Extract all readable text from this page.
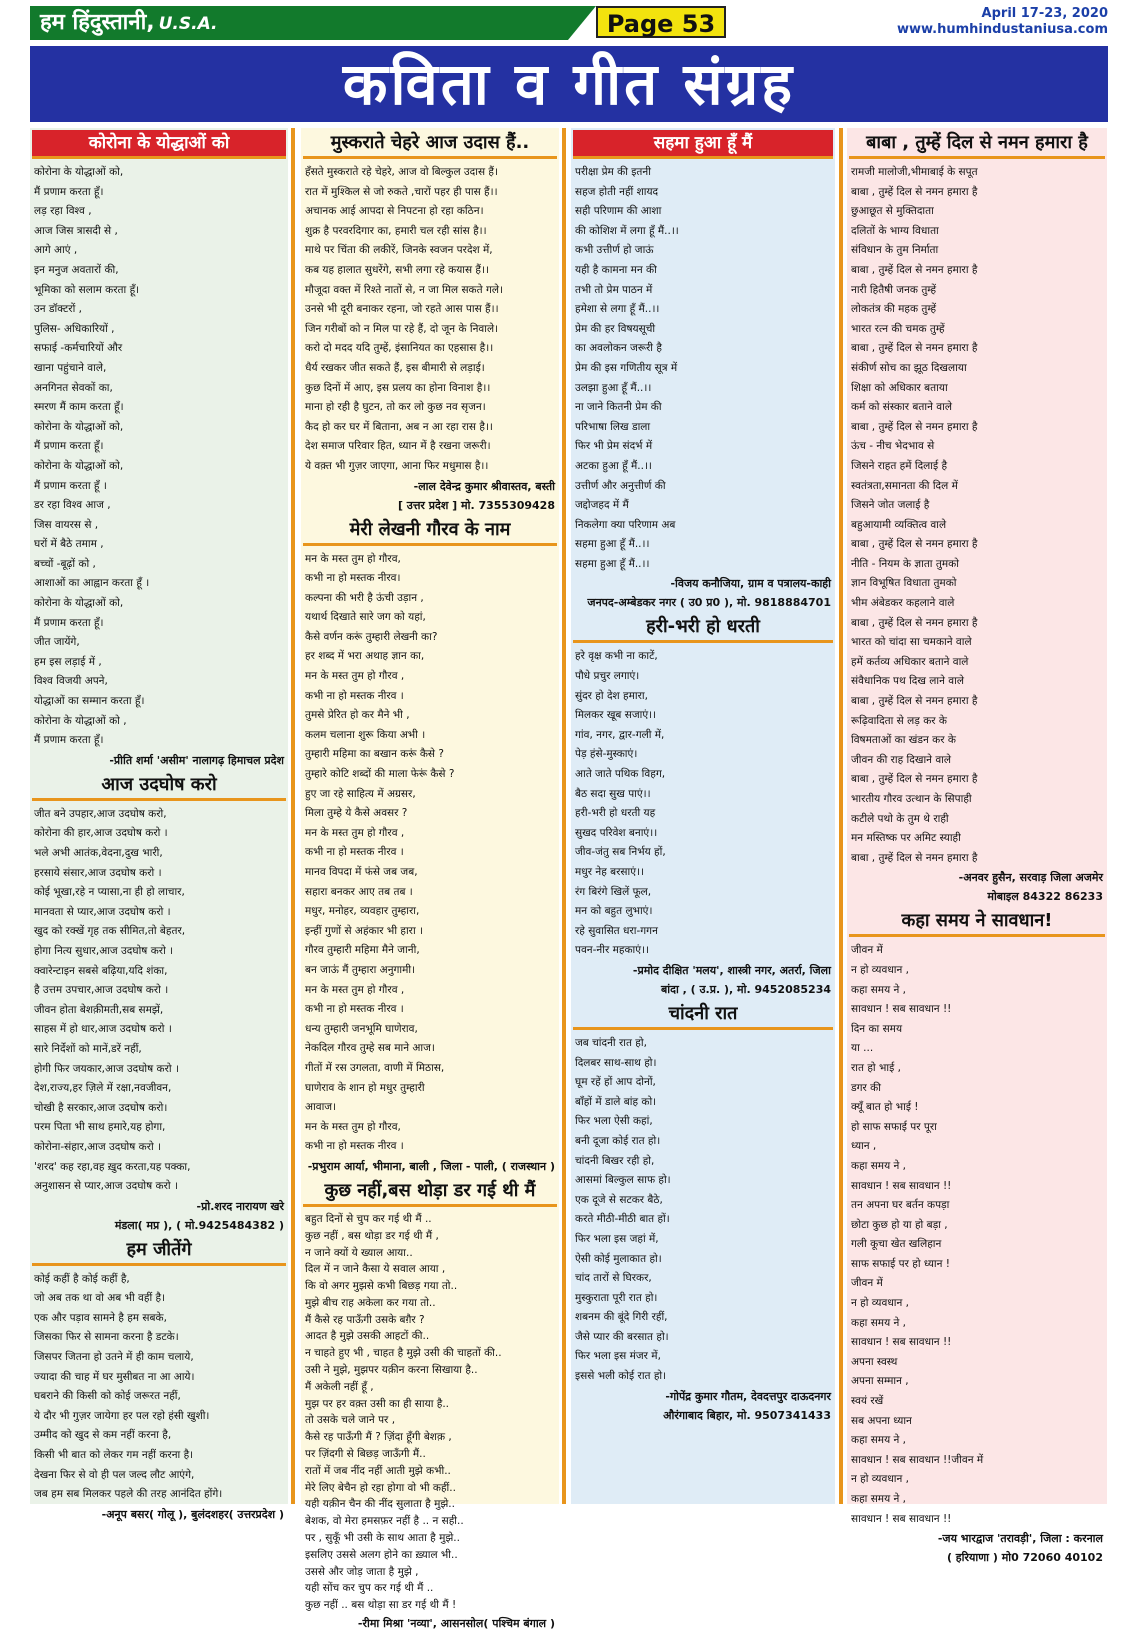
हम हिंदुस्तानी, U.S.A.	Page 53	April 17-23, 2020
www.humhindustaniusa.com
कविता व गीत संग्रह
कोरोना के योद्धाओं को
कोरोना के योद्धाओं को,
मैं प्रणाम करता हूँ।
लड़ रहा विश्व ,
आज जिस त्रासदी से ,
आगे आएं ,
इन मनुज अवतारों की,
भूमिका को सलाम करता हूँ।
उन डॉक्टरों ,
पुलिस- अधिकारियों ,
सफाई -कर्मचारियों और
खाना पहुंचाने वाले,
अनगिनत सेवकों का,
स्मरण मैं काम करता हूँ।
कोरोना के योद्धाओं को,
मैं प्रणाम करता हूँ।
कोरोना के योद्धाओं को,
मैं प्रणाम करता हूँ ।
डर रहा विश्व आज ,
जिस वायरस से ,
घरों में बैठे तमाम ,
बच्चों -बूढ़ों को ,
आशाओं का आह्वान करता हूँ ।
कोरोना के योद्धाओं को,
मैं प्रणाम करता हूँ।
जीत जायेंगे,
हम इस लड़ाई में ,
विश्व विजयी अपने,
योद्धाओं का सम्मान करता हूँ।
कोरोना के योद्धाओं को ,
मैं प्रणाम करता हूँ।
-प्रीति शर्मा 'असीम' नालागढ़ हिमाचल प्रदेश
आज उदघोष करो
जीत बने उपहार,आज उदघोष करो,
कोरोना की हार,आज उदघोष करो ।
भले अभी आतंक,वेदना,दुख भारी,
हरसाये संसार,आज उदघोष करो ।
कोई भूखा,रहे न प्यासा,ना ही हो लाचार,
मानवता से प्यार,आज उदघोष करो ।
खुद को रक्खें गृह तक सीमित,तो बेहतर,
होगा नित्य सुधार,आज उदघोष करो ।
क्वारेन्टाइन सबसे बढ़िया,यदि शंका,
है उत्तम उपचार,आज उदघोष करो ।
जीवन होता बेशक़ीमती,सब समझें,
साहस में हो धार,आज उदघोष करो ।
सारे निर्देशों को मानें,डरें नहीं,
होगी फिर जयकार,आज उदघोष करो ।
देश,राज्य,हर ज़िले में रक्षा,नवजीवन,
चोखी है सरकार,आज उदघोष करो।
परम पिता भी साथ हमारे,यह होगा,
कोरोना-संहार,आज उदघोष करो ।
'शरद' कह रहा,वह ख़ुद करता,यह पक्का,
अनुशासन से प्यार,आज उदघोष करो ।
-प्रो.शरद नारायण खरे
मंडला( मप्र ), ( मो.9425484382 )
हम जीतेंगे
कोई कहीं है कोई कहीं है,
जो अब तक था वो अब भी वहीं है।
एक और पड़ाव सामने है हम सबके,
जिसका फिर से सामना करना है डटके।
जिसपर जितना हो उतने में ही काम चलाये,
ज्यादा की चाह में घर मुसीबत ना आ आये।
घबराने की किसी को कोई जरूरत नहीं,
ये दौर भी गुज़र जायेगा हर पल रहो हंसी खुशी।
उम्मीद को खुद से कम नहीं करना है,
किसी भी बात को लेकर गम नहीं करना है।
देखना फिर से वो ही पल जल्द लौट आएंगे,
जब हम सब मिलकर पहले की तरह आनंदित होंगे।
-अनूप बसर( गोलू ), बुलंदशहर( उत्तरप्रदेश )
मुस्कराते चेहरे आज उदास हैं..
हँसते मुस्कराते रहे चेहरे, आज वो बिल्कुल उदास हैं।
रात में मुश्किल से जो रुकते ,चारों पहर ही पास हैं।।
अचानक आई आपदा से निपटना हो रहा कठिन।
शुक्र है परवरदिगार का, हमारी चल रही सांस है।।
माथे पर चिंता की लकीरें, जिनके स्वजन परदेश में,
कब यह हालात सुधरेंगे, सभी लगा रहे कयास हैं।।
मौजूदा वक्त में रिश्ते नातों से, न जा मिल सकते गले।
उनसे भी दूरी बनाकर रहना, जो रहते आस पास हैं।।
जिन गरीबों को न मिल पा रहे हैं, दो जून के निवाले।
करो दो मदद यदि तुम्हें, इंसानियत का एहसास है।।
धैर्य रखकर जीत सकते हैं, इस बीमारी से लड़ाई।
कुछ दिनों में आए, इस प्रलय का होना विनाश है।।
माना हो रही है घुटन, तो कर लो कुछ नव सृजन।
कैद हो कर घर में बिताना, अब न आ रहा रास है।।
देश समाज परिवार हित, ध्यान में है रखना जरूरी।
ये वक़्त भी गुज़र जाएगा, आना फिर मधुमास है।।
-लाल देवेन्द्र कुमार श्रीवास्तव, बस्ती
[ उत्तर प्रदेश ] मो. 7355309428
मेरी लेखनी गौरव के नाम
मन के मस्त तुम हो गौरव,
कभी ना हो मस्तक नीरव।
कल्पना की भरी है ऊंची उड़ान ,
यथार्थ दिखाते सारे जग को यहां,
कैसे वर्णन करूं तुम्हारी लेखनी का?
हर शब्द में भरा अथाह ज्ञान का,
मन के मस्त तुम हो गौरव ,
कभी ना हो मस्तक नीरव ।
तुमसे प्रेरित हो कर मैने भी ,
कलम चलाना शुरू किया अभी ।
तुम्हारी महिमा का बखान करूं कैसे ?
तुम्हारे कोटि शब्दों की माला फेरूं कैसे ?
हुए जा रहे साहित्य में अग्रसर,
मिला तुम्हे ये कैसे अवसर ?
मन के मस्त तुम हो गौरव ,
कभी ना हो मस्तक नीरव ।
मानव विपदा में फंसे जब जब,
सहारा बनकर आए तब तब ।
मधुर, मनोहर, व्यवहार तुम्हारा,
इन्हीं गुणों से अहंकार भी हारा ।
गौरव तुम्हारी महिमा मैने जानी,
बन जाऊं मैं तुम्हारा अनुगामी।
मन के मस्त तुम हो गौरव ,
कभी ना हो मस्तक नीरव ।
धन्य तुम्हारी जनभूमि घाणेराव,
नेकदिल गौरव तुम्हे सब माने आज।
गीतों में रस उगलता, वाणी में मिठास,
घाणेराव के शान हो मधुर तुम्हारी
आवाज।
मन के मस्त तुम हो गौरव,
कभी ना हो मस्तक नीरव ।
-प्रभुराम आर्या, भीमाना, बाली , जिला - पाली, ( राजस्थान )
कुछ नहीं,बस थोड़ा डर गई थी मैं
बहुत दिनों से चुप कर गई थी मैं ..
कुछ नहीं , बस थोड़ा डर गई थी मैं ,
न जाने क्यों ये ख्याल आया..
दिल में न जाने कैसा ये सवाल आया ,
कि वो अगर मुझसे कभी बिछड़ गया तो..
मुझे बीच राह अकेला कर गया तो..
मैं कैसे रह पाऊँगी उसके बग़ैर ?
आदत है मुझे उसकी आहटों की..
न चाहते हुए भी , चाहत है मुझे उसी की चाहतों की..
उसी ने मुझे, मुझपर यक़ीन करना सिखाया है..
मैं अकेली नहीं हूँ ,
मुझ पर हर वक़्त उसी का ही साया है..
तो उसके चले जाने पर ,
कैसे रह पाऊँगी मैं ? ज़िंदा हूँगी बेशक़ ,
पर ज़िंदगी से बिछड़ जाऊँगी मैं..
रातों में जब नींद नहीं आती मुझे कभी..
मेरे लिए बेचैन हो रहा होगा वो भी कहीं..
यही यक़ीन चैन की नींद सुलाता है मुझे..
बेशक, वो मेरा हमसफ़र नहीं है .. न सही..
पर , सुकूँ भी उसी के साथ आता है मुझे..
इसलिए उससे अलग होने का ख़्याल भी..
उससे और जोड़ जाता है मुझे ,
यही सोंच कर चुप कर गई थी मैं ..
कुछ नहीं .. बस थोड़ा सा डर गई थी मैं !
-रीमा मिश्रा 'नव्या', आसनसोल( पश्चिम बंगाल )
सहमा हुआ हूँ मैं
परीक्षा प्रेम की इतनी
सहज होती नहीं शायद
सही परिणाम की आशा
की कोशिश में लगा हूँ मैं..।।
कभी उत्तीर्ण हो जाऊं
यही है कामना मन की
तभी तो प्रेम पाठन में
हमेशा से लगा हूँ मैं..।।
प्रेम की हर विषयसूची
का अवलोकन जरूरी है
प्रेम की इस गणितीय सूत्र में
उलझा हुआ हूँ मैं..।।
ना जाने कितनी प्रेम की
परिभाषा लिख डाला
फिर भी प्रेम संदर्भ में
अटका हुआ हूँ मैं..।।
उत्तीर्ण और अनुत्तीर्ण की
जद्दोजहद में मैं
निकलेगा क्या परिणाम अब
सहमा हुआ हूँ मैं..।।
सहमा हुआ हूँ मैं..।।
-विजय कनौजिया, ग्राम व पत्रालय-काही
जनपद-अम्बेडकर नगर ( उ0 प्र0 ), मो. 9818884701
हरी-भरी हो धरती
हरे वृक्ष कभी ना काटें,
पौधे प्रचुर लगाएं।
सुंदर हो देश हमारा,
मिलकर खूब सजाएं।।
गांव, नगर, द्वार-गली में,
पेड़ हंसे-मुस्काएं।
आते जाते पथिक विहग,
बैठ सदा सुख पाएं।।
हरी-भरी हो धरती यह
सुखद परिवेश बनाएं।।
जीव-जंतु सब निर्भय हों,
मधुर नेह बरसाएं।।
रंग बिरंगे खिलें फूल,
मन को बहुत लुभाएं।
रहे सुवासित धरा-गगन
पवन-नीर महकाएं।।
-प्रमोद दीक्षित 'मलय', शास्त्री नगर, अतर्रा, जिला
बांदा , ( उ.प्र. ), मो. 9452085234
चांदनी रात
जब चांदनी रात हो,
दिलबर साथ-साथ हो।
घूम रहें हों आप दोनों,
बाँहों में डाले बांह को।
फिर भला ऐसी कहां,
बनी दूजा कोई रात हो।
चांदनी बिखर रही हो,
आसमां बिल्कुल साफ हो।
एक दूजे से सटकर बैठे,
करते मीठी-मीठी बात हों।
फिर भला इस जहां में,
ऐसी कोई मुलाकात हो।
चांद तारों से घिरकर,
मुस्कुराता पूरी रात हो।
शबनम की बूंदे गिरी रहीं,
जैसे प्यार की बरसात हो।
फिर भला इस मंजर में,
इससे भली कोई रात हो।
-गोपेंद्र कुमार गौतम, देवदत्तपुर दाऊदनगर
औरंगाबाद बिहार, मो. 9507341433
बाबा , तुम्हें दिल से नमन हमारा है
रामजी मालोजी,भीमाबाई के सपूत
बाबा , तुम्हें दिल से नमन हमारा है
छुआछूत से मुक्तिदाता
दलितों के भाग्य विधाता
संविधान के तुम निर्माता
बाबा , तुम्हें दिल से नमन हमारा है
नारी हितैषी जनक तुम्हें
लोकतंत्र की महक तुम्हें
भारत रत्न की चमक तुम्हें
बाबा , तुम्हें दिल से नमन हमारा है
संकीर्ण सोच का झूठ दिखलाया
शिक्षा को अधिकार बताया
कर्म को संस्कार बताने वाले
बाबा , तुम्हें दिल से नमन हमारा है
ऊंच - नीच भेदभाव से
जिसने राहत हमें दिलाई है
स्वतंत्रता,समानता की दिल में
जिसने जोत जलाई है
बहुआयामी व्यक्तित्व वाले
बाबा , तुम्हें दिल से नमन हमारा है
नीति - नियम के ज्ञाता तुमको
ज्ञान विभूषित विधाता तुमको
भीम अंबेडकर कहलाने वाले
बाबा , तुम्हें दिल से नमन हमारा है
भारत को चांदा सा चमकाने वाले
हमें कर्तव्य अधिकार बताने वाले
संवैधानिक पथ दिख लाने वाले
बाबा , तुम्हें दिल से नमन हमारा है
रूढ़िवादिता से लड़ कर के
विषमताओं का खंडन कर के
जीवन की राह दिखाने वाले
बाबा , तुम्हें दिल से नमन हमारा है
भारतीय गौरव उत्थान के सिपाही
कटीले पथो के तुम थे राही
मन मस्तिष्क पर अमिट स्याही
बाबा , तुम्हें दिल से नमन हमारा है
-अनवर हुसैन, सरवाड़ जिला अजमेर
मोबाइल 84322 86233
कहा समय ने सावधान!
जीवन में
न हो व्यवधान ,
कहा समय ने ,
सावधान ! सब सावधान !!
दिन का समय
या ...
रात हो भाई ,
डगर की
क्यूँ बात हो भाई !
हो साफ सफाई पर पूरा
ध्यान ,
कहा समय ने ,
सावधान ! सब सावधान !!
तन अपना घर बर्तन कपड़ा
छोटा कुछ हो या हो बड़ा ,
गली कूचा खेत खलिहान
साफ सफाई पर हो ध्यान !
जीवन में
न हो व्यवधान ,
कहा समय ने ,
सावधान ! सब सावधान !!
अपना स्वस्थ
अपना सम्मान ,
स्वयं रखें
सब अपना ध्यान
कहा समय ने ,
सावधान ! सब सावधान !!जीवन में
न हो व्यवधान ,
कहा समय ने ,
सावधान ! सब सावधान !!
-जय भारद्वाज 'तरावड़ी', जिला : करनाल
( हरियाणा ) मो0 72060 40102
